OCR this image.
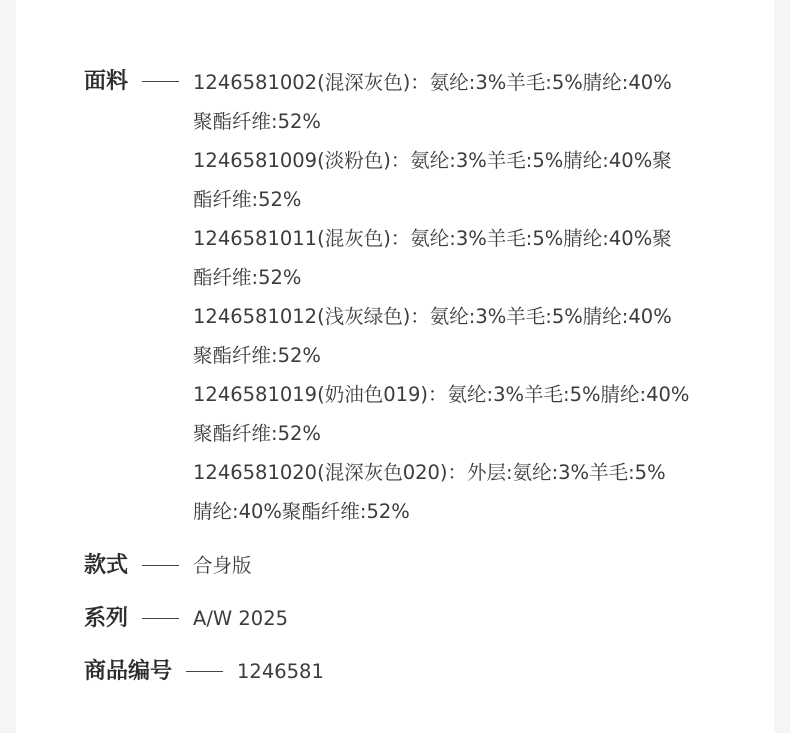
面料	1246581002(混深灰色)：氨纶:3%羊毛:5%腈纶:40%
聚酯纤维:52%
1246581009(淡粉色)：氨纶:3%羊毛:5%腈纶:40%聚
酯纤维:52%
1246581011(混灰色)：氨纶:3%羊毛:5%腈纶:40%聚
酯纤维:52%
1246581012(浅灰绿色)：氨纶:3%羊毛:5%腈纶:40%
聚酯纤维:52%
1246581019(奶油色019)：氨纶:3%羊毛:5%腈纶:40%
聚酯纤维:52%
1246581020(混深灰色020)：外层:氨纶:3%羊毛:5%
腈纶:40%聚酯纤维:52%
款式	合身版
系列	A/W 2025
商品编号	1246581
